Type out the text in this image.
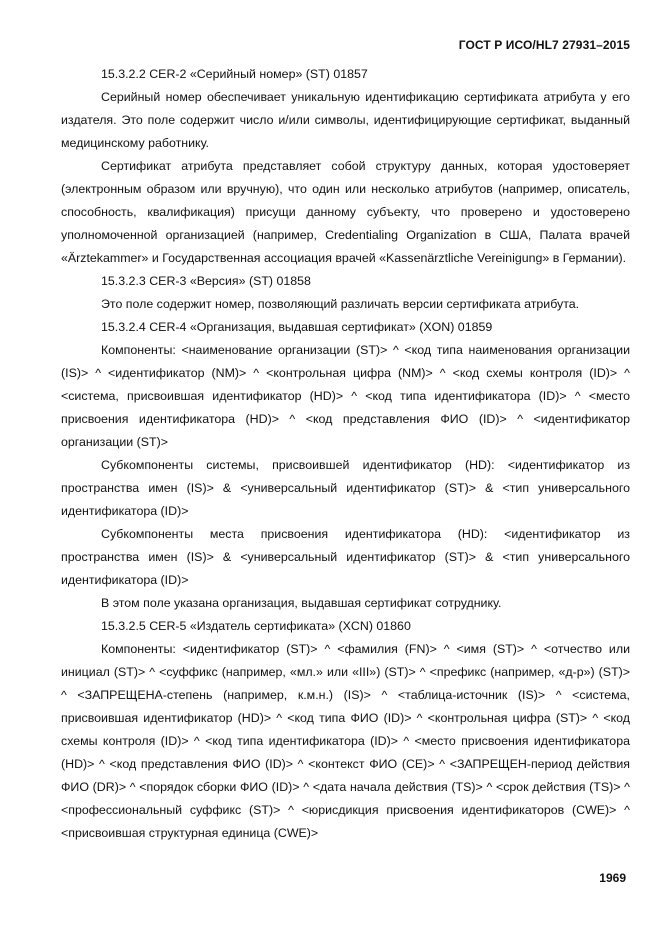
ГОСТ Р ИСО/HL7 27931–2015

15.3.2.2 CER-2 «Серийный номер» (ST) 01857

Серийный номер обеспечивает уникальную идентификацию сертификата атрибута у его издателя. Это поле содержит число и/или символы, идентифицирующие сертификат, выданный медицинскому работнику.

Сертификат атрибута представляет собой структуру данных, которая удостоверяет (электронным образом или вручную), что один или несколько атрибутов (например, описатель, способность, квалификация) присущи данному субъекту, что проверено и удостоверено уполномоченной организацией (например, Credentialing Organization в США, Палата врачей «Ärztekammer» и Государственная ассоциация врачей «Kassenärztliche Vereinigung» в Германии).

15.3.2.3 CER-3 «Версия» (ST) 01858

Это поле содержит номер, позволяющий различать версии сертификата атрибута.

15.3.2.4 CER-4 «Организация, выдавшая сертификат» (XON) 01859

Компоненты: <наименование организации (ST)> ^ <код типа наименования организации (IS)> ^ <идентификатор (NM)> ^ <контрольная цифра (NM)> ^ <код схемы контроля (ID)> ^ <система, присвоившая идентификатор (HD)> ^ <код типа идентификатора (ID)> ^ <место присвоения идентификатора (HD)> ^ <код представления ФИО (ID)> ^ <идентификатор организации (ST)>

Субкомпоненты системы, присвоившей идентификатор (HD): <идентификатор из пространства имен (IS)> & <универсальный идентификатор (ST)> & <тип универсального идентификатора (ID)>

Субкомпоненты места присвоения идентификатора (HD): <идентификатор из пространства имен (IS)> & <универсальный идентификатор (ST)> & <тип универсального идентификатора (ID)>

В этом поле указана организация, выдавшая сертификат сотруднику.

15.3.2.5 CER-5 «Издатель сертификата» (XCN) 01860

Компоненты: <идентификатор (ST)> ^ <фамилия (FN)> ^ <имя (ST)> ^ <отчество или инициал (ST)> ^ <суффикс (например, «мл.» или «III») (ST)> ^ <префикс (например, «д-р») (ST)> ^ <ЗАПРЕЩЕНА-степень (например, к.м.н.) (IS)> ^ <таблица-источник (IS)> ^ <система, присвоившая идентификатор (HD)> ^ <код типа ФИО (ID)> ^ <контрольная цифра (ST)> ^ <код схемы контроля (ID)> ^ <код типа идентификатора (ID)> ^ <место присвоения идентификатора (HD)> ^ <код представления ФИО (ID)> ^ <контекст ФИО (CE)> ^ <ЗАПРЕЩЕН-период действия ФИО (DR)> ^ <порядок сборки ФИО (ID)> ^ <дата начала действия (TS)> ^ <срок действия (TS)> ^ <профессиональный суффикс (ST)> ^ <юрисдикция присвоения идентификаторов (CWE)> ^ <присвоившая структурная единица (CWE)>

1969
